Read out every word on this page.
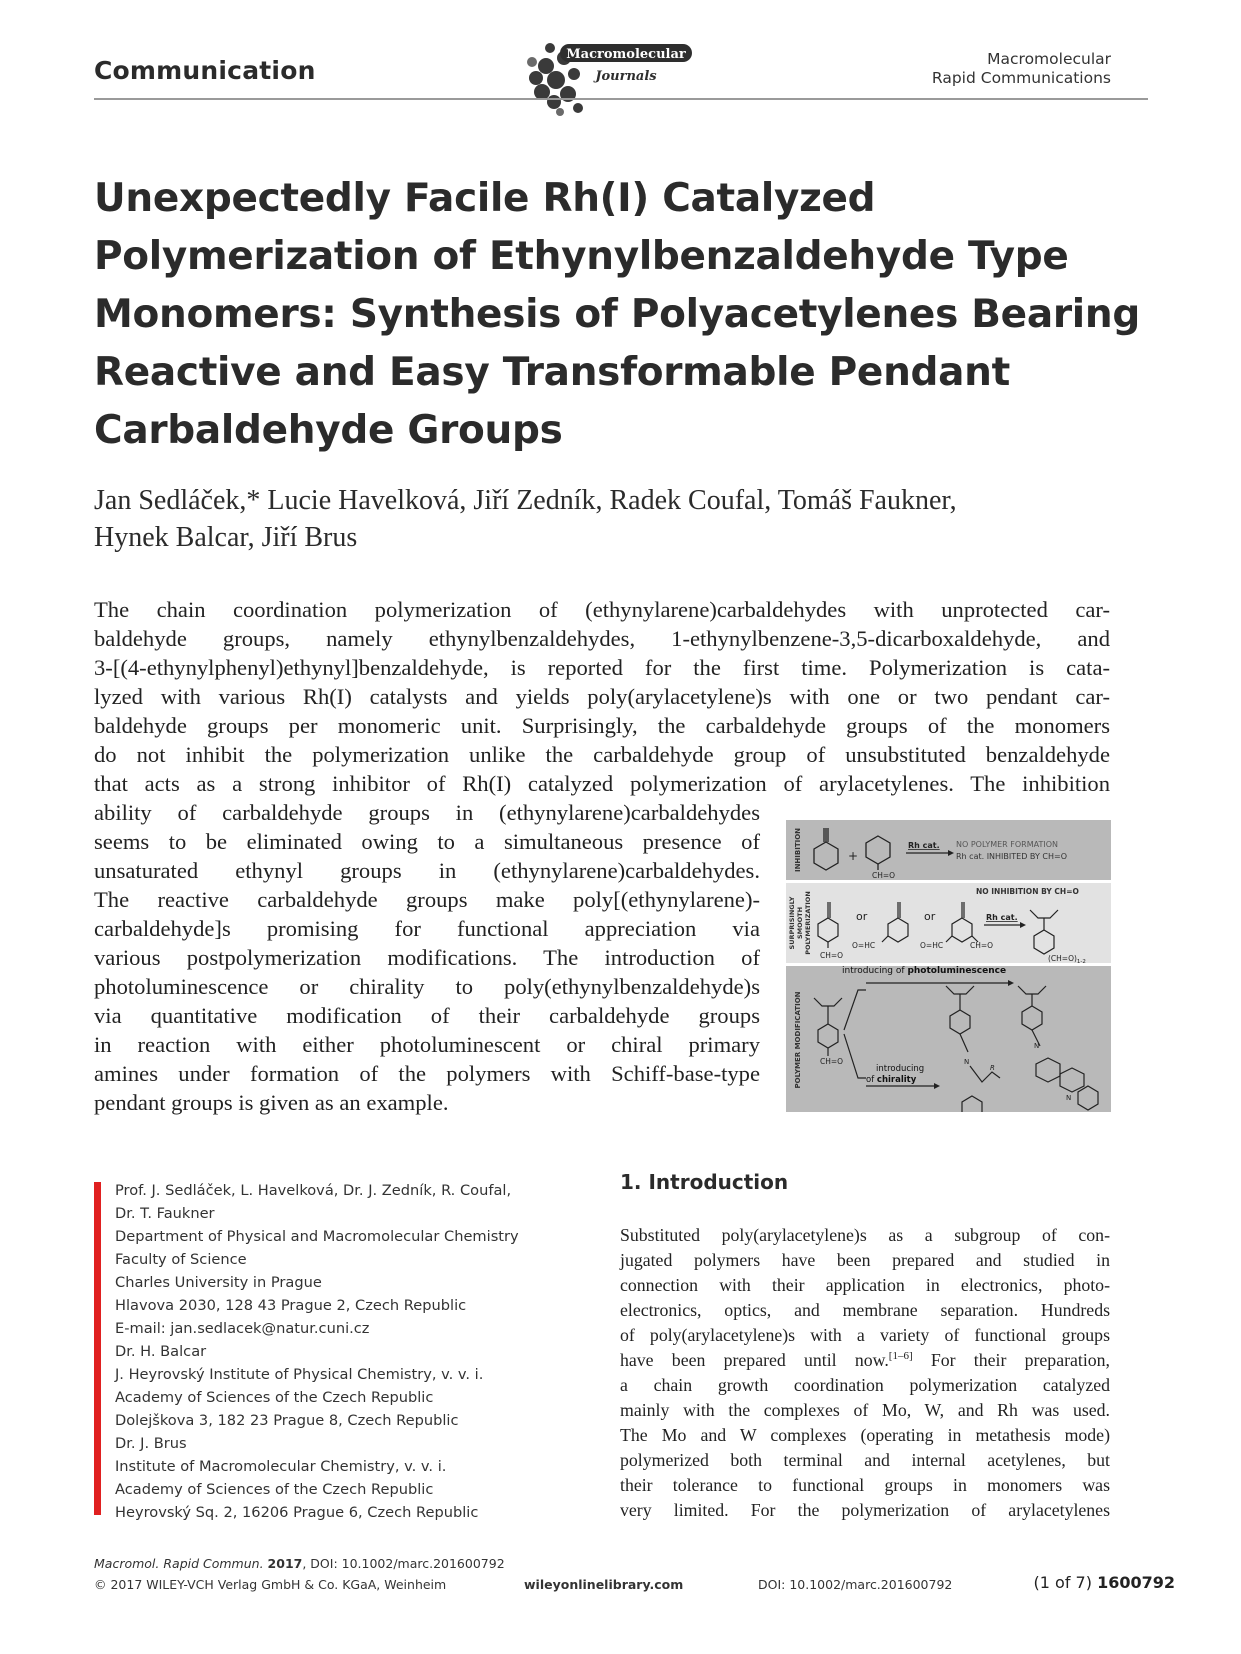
Communication
Macromolecular
Journals
Macromolecular
Rapid Communications
Unexpectedly Facile Rh(I) Catalyzed Polymerization of Ethynylbenzaldehyde Type Monomers: Synthesis of Polyacetylenes Bearing Reactive and Easy Transformable Pendant Carbaldehyde Groups
Jan Sedláček,* Lucie Havelková, Jiří Zedník, Radek Coufal, Tomáš Faukner,
Hynek Balcar, Jiří Brus
The chain coordination polymerization of (ethynylarene)carbaldehydes with unprotected car-
baldehyde groups, namely ethynylbenzaldehydes, 1-ethynylbenzene-3,5-dicarboxaldehyde, and
3-[(4-ethynylphenyl)ethynyl]benzaldehyde, is reported for the first time. Polymerization is cata-
lyzed with various Rh(I) catalysts and yields poly(arylacetylene)s with one or two pendant car-
baldehyde groups per monomeric unit. Surprisingly, the carbaldehyde groups of the monomers
do not inhibit the polymerization unlike the carbaldehyde group of unsubstituted benzaldehyde
that acts as a strong inhibitor of Rh(I) catalyzed polymerization of arylacetylenes. The inhibition
ability of carbaldehyde groups in (ethynylarene)carbaldehydes
seems to be eliminated owing to a simultaneous presence of
unsaturated ethynyl groups in (ethynylarene)carbaldehydes.
The reactive carbaldehyde groups make poly[(ethynylarene)-
carbaldehyde]s promising for functional appreciation via
various postpolymerization modifications. The introduction of
photoluminescence or chirality to poly(ethynylbenzaldehyde)s
via quantitative modification of their carbaldehyde groups
in reaction with either photoluminescent or chiral primary
amines under formation of the polymers with Schiff-base-type
pendant groups is given as an example.
INHIBITION	+
CH=O
Rh cat. NO POLYMER FORMATION
Rh cat. INHIBITED BY CH=O
SURPRISINGLY SMOOTH POLYMERIZATION	NO INHIBITION BY CH=O
or	or
CH=O
O=HC	O=HC	CH=O
Rh cat.
$(CH=O)_{1-2}$
POLYMER MODIFICATION
introducing of photoluminescence
introducing
of chirality
CH=O	N
R
N
N
Prof. J. Sedláček, L. Havelková, Dr. J. Zedník, R. Coufal,
Dr. T. Faukner
Department of Physical and Macromolecular Chemistry
Faculty of Science
Charles University in Prague
Hlavova 2030, 128 43 Prague 2, Czech Republic
E-mail: jan.sedlacek@natur.cuni.cz
Dr. H. Balcar
J. Heyrovský Institute of Physical Chemistry, v. v. i.
Academy of Sciences of the Czech Republic
Dolejškova 3, 182 23 Prague 8, Czech Republic
Dr. J. Brus
Institute of Macromolecular Chemistry, v. v. i.
Academy of Sciences of the Czech Republic
Heyrovský Sq. 2, 16206 Prague 6, Czech Republic
1. Introduction
Substituted poly(arylacetylene)s as a subgroup of con-
jugated polymers have been prepared and studied in
connection with their application in electronics, photo-
electronics, optics, and membrane separation. Hundreds
of poly(arylacetylene)s with a variety of functional groups
have been prepared until now.[1–6] For their preparation,
a chain growth coordination polymerization catalyzed
mainly with the complexes of Mo, W, and Rh was used.
The Mo and W complexes (operating in metathesis mode)
polymerized both terminal and internal acetylenes, but
their tolerance to functional groups in monomers was
very limited. For the polymerization of arylacetylenes
Macromol. Rapid Commun. 2017, DOI: 10.1002/marc.201600792
© 2017 WILEY-VCH Verlag GmbH & Co. KGaA, Weinheim	wileyonlinelibrary.com	DOI: 10.1002/marc.201600792	(1 of 7) 1600792
